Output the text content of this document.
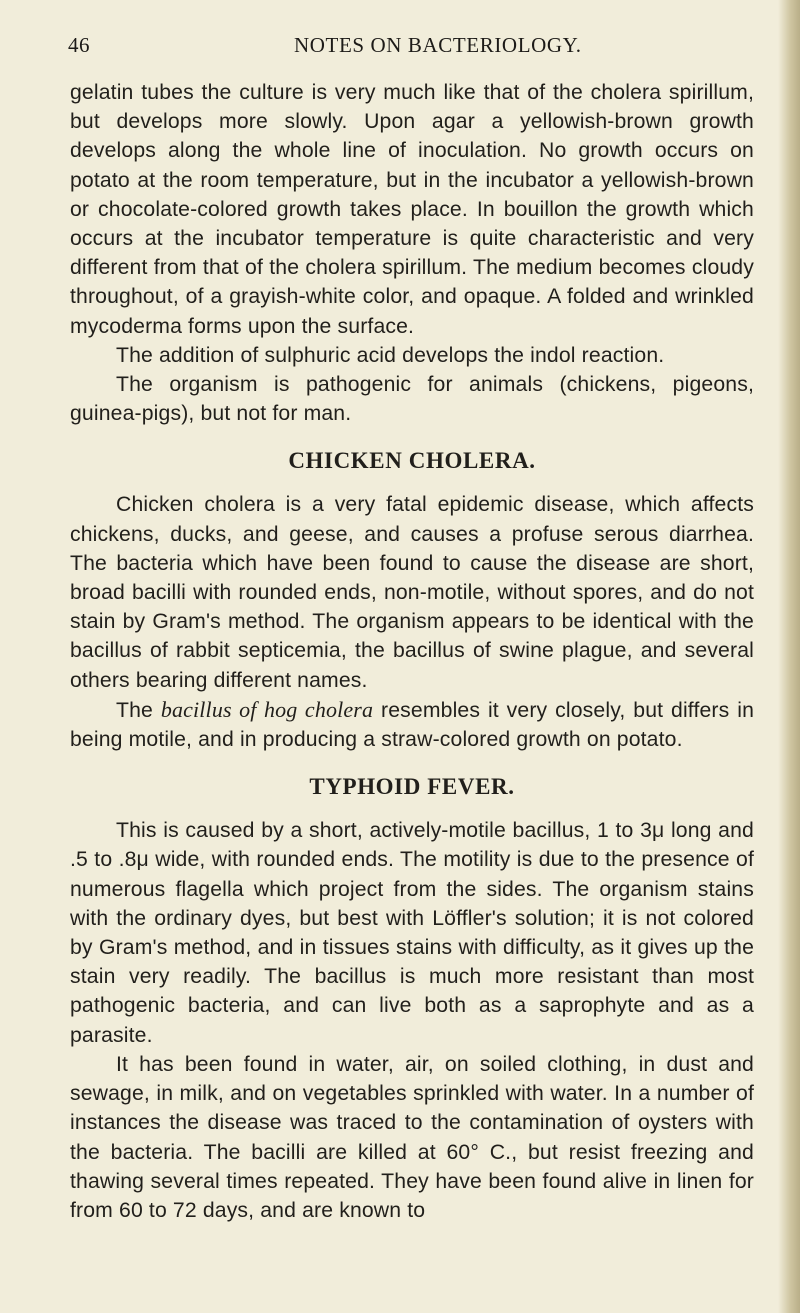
46	NOTES ON BACTERIOLOGY.

gelatin tubes the culture is very much like that of the cholera spirillum, but develops more slowly. Upon agar a yellowish-brown growth develops along the whole line of inoculation. No growth occurs on potato at the room temperature, but in the incubator a yellowish-brown or chocolate-colored growth takes place. In bouillon the growth which occurs at the incubator temperature is quite characteristic and very different from that of the cholera spirillum. The medium becomes cloudy throughout, of a grayish-white color, and opaque. A folded and wrinkled mycoderma forms upon the surface.

The addition of sulphuric acid develops the indol reaction.

The organism is pathogenic for animals (chickens, pigeons, guinea-pigs), but not for man.

CHICKEN CHOLERA.

Chicken cholera is a very fatal epidemic disease, which affects chickens, ducks, and geese, and causes a profuse serous diarrhea. The bacteria which have been found to cause the disease are short, broad bacilli with rounded ends, non-motile, without spores, and do not stain by Gram's method. The organism appears to be identical with the bacillus of rabbit septicemia, the bacillus of swine plague, and several others bearing different names.

The bacillus of hog cholera resembles it very closely, but differs in being motile, and in producing a straw-colored growth on potato.

TYPHOID FEVER.

This is caused by a short, actively-motile bacillus, 1 to 3μ long and .5 to .8μ wide, with rounded ends. The motility is due to the presence of numerous flagella which project from the sides. The organism stains with the ordinary dyes, but best with Löffler's solution; it is not colored by Gram's method, and in tissues stains with difficulty, as it gives up the stain very readily. The bacillus is much more resistant than most pathogenic bacteria, and can live both as a saprophyte and as a parasite.

It has been found in water, air, on soiled clothing, in dust and sewage, in milk, and on vegetables sprinkled with water. In a number of instances the disease was traced to the contamination of oysters with the bacteria. The bacilli are killed at 60° C., but resist freezing and thawing several times repeated. They have been found alive in linen for from 60 to 72 days, and are known to
